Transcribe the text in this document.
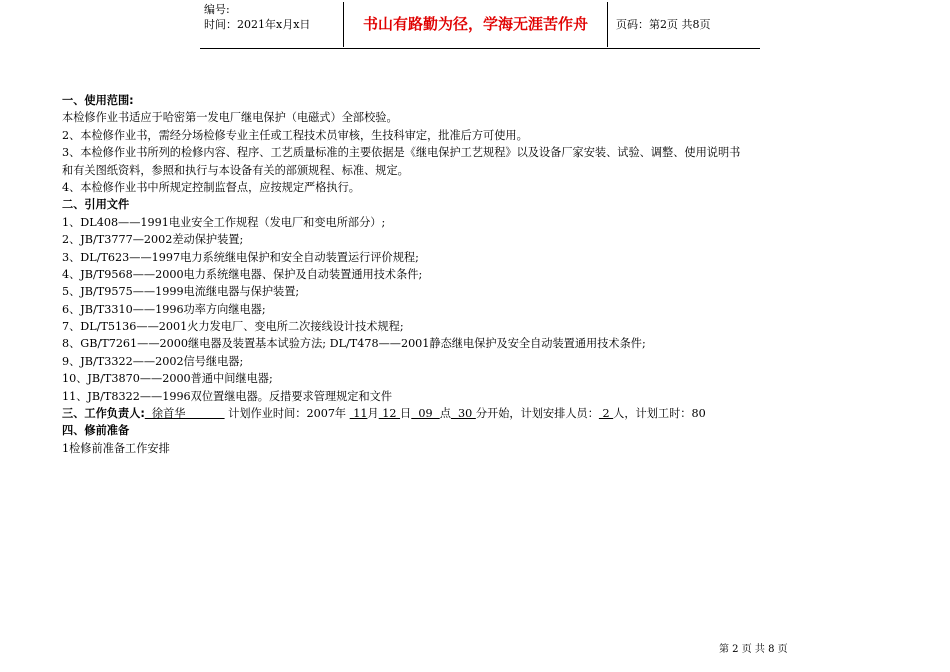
编号:
时间：2021年x月x日	书山有路勤为径，学海无涯苦作舟	页码：第2页 共8页
一、使用范围:
本检修作业书适应于哈密第一发电厂继电保护（电磁式）全部校验。
2、本检修作业书，需经分场检修专业主任或工程技术员审核，生技科审定，批准后方可使用。
3、本检修作业书所列的检修内容、程序、工艺质量标准的主要依据是《继电保护工艺规程》以及设备厂家安装、试验、调整、使用说明书
和有关图纸资料，参照和执行与本设备有关的部颁规程、标准、规定。
4、本检修作业书中所规定控制监督点，应按规定严格执行。
二、引用文件
1、DL408——1991电业安全工作规程（发电厂和变电所部分）;
2、JB/T3777—2002差动保护装置;
3、DL/T623——1997电力系统继电保护和安全自动装置运行评价规程;
4、JB/T9568——2000电力系统继电器、保护及自动装置通用技术条件;
5、JB/T9575——1999电流继电器与保护装置;
6、JB/T3310——1996功率方向继电器;
7、DL/T5136——2001火力发电厂、变电所二次接线设计技术规程;
8、GB/T7261——2000继电器及装置基本试验方法; DL/T478——2001静态继电保护及安全自动装置通用技术条件;
9、JB/T3322——2002信号继电器;
10、JB/T3870——2000普通中间继电器;
11、JB/T8322——1996双位置继电器。反措要求管理规定和文件
三、工作负责人:  徐首华            计划作业时间：2007年  11月 12 日  09  点  30 分开始，计划安排人员： 2 人，计划工时：80
四、修前准备
1检修前准备工作安排
第 2 页 共 8 页
